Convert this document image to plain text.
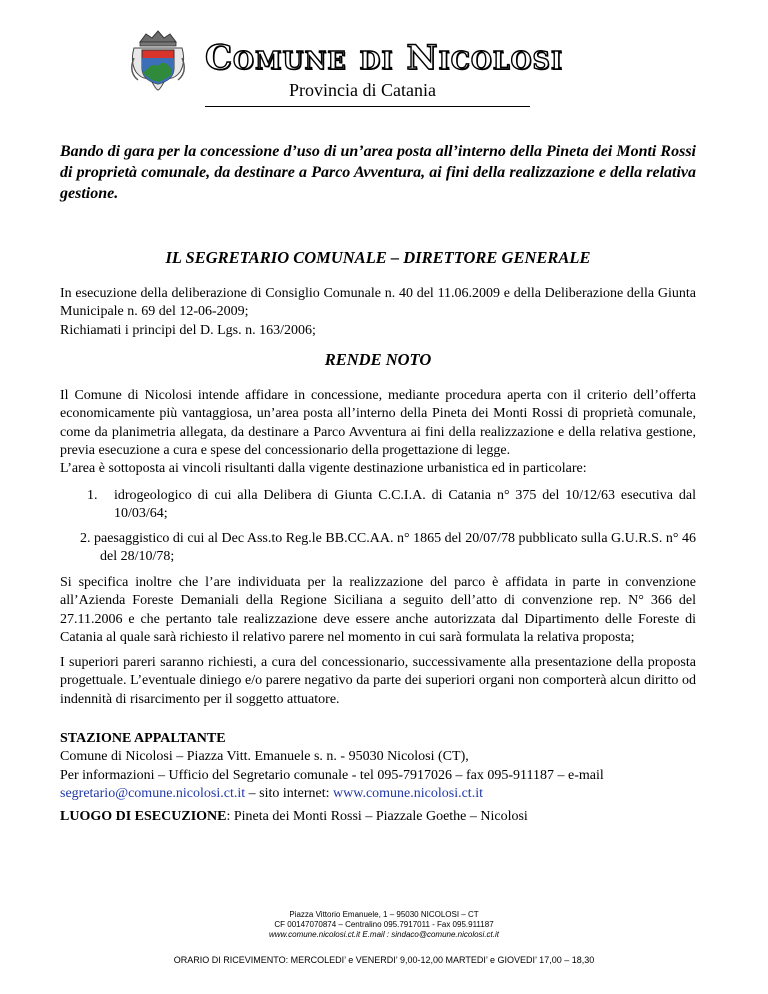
Comune di Nicolosi
Provincia di Catania
Bando di gara per la concessione d’uso di un’area posta all’interno della Pineta dei Monti Rossi di proprietà comunale, da destinare a Parco Avventura, ai fini della realizzazione e della relativa gestione.
IL SEGRETARIO COMUNALE – DIRETTORE GENERALE
In esecuzione della deliberazione di Consiglio Comunale n. 40 del 11.06.2009 e della Deliberazione della Giunta Municipale n. 69 del 12-06-2009;
Richiamati i principi del D. Lgs. n. 163/2006;
RENDE NOTO
Il Comune di Nicolosi intende affidare in concessione, mediante procedura aperta con il criterio dell’offerta economicamente più vantaggiosa, un’area posta all’interno della Pineta dei Monti Rossi di proprietà comunale, come da planimetria allegata, da destinare a Parco Avventura ai fini della realizzazione e della relativa gestione, previa esecuzione a cura e spese del concessionario della progettazione di legge.
L’area è sottoposta ai vincoli risultanti dalla vigente destinazione urbanistica ed in particolare:
1. idrogeologico di cui alla Delibera di Giunta C.C.I.A. di Catania n° 375 del 10/12/63 esecutiva dal 10/03/64;
2. paesaggistico di cui al Dec Ass.to Reg.le BB.CC.AA. n° 1865 del 20/07/78 pubblicato sulla G.U.R.S. n° 46 del 28/10/78;
Si specifica inoltre che l’are individuata per la realizzazione del parco è affidata in parte in convenzione all’Azienda Foreste Demaniali della Regione Siciliana a seguito dell’atto di convenzione rep. N° 366 del 27.11.2006 e che pertanto tale realizzazione deve essere anche autorizzata dal Dipartimento delle Foreste di Catania al quale sarà richiesto il relativo parere nel momento in cui sarà formulata la relativa proposta;
I superiori pareri saranno richiesti, a cura del concessionario, successivamente alla presentazione della proposta progettuale. L’eventuale diniego e/o parere negativo da parte dei superiori organi non comporterà alcun diritto od indennità di risarcimento per il soggetto attuatore.
STAZIONE APPALTANTE
Comune di Nicolosi – Piazza Vitt. Emanuele s. n. - 95030 Nicolosi (CT),
Per informazioni – Ufficio del Segretario comunale - tel 095-7917026 – fax 095-911187 – e-mail
segretario@comune.nicolosi.ct.it – sito internet: www.comune.nicolosi.ct.it
LUOGO DI ESECUZIONE: Pineta dei Monti Rossi – Piazzale Goethe – Nicolosi
Piazza Vittorio Emanuele, 1 – 95030 NICOLOSI – CT
CF 00147070874 – Centralino 095.7917011 - Fax 095.911187
www.comune.nicolosi.ct.it E.mail : sindaco@comune.nicolosi.ct.it
ORARIO DI RICEVIMENTO: MERCOLEDI’ e VENERDI’ 9,00-12,00 MARTEDI’ e GIOVEDI’ 17,00 – 18,30
